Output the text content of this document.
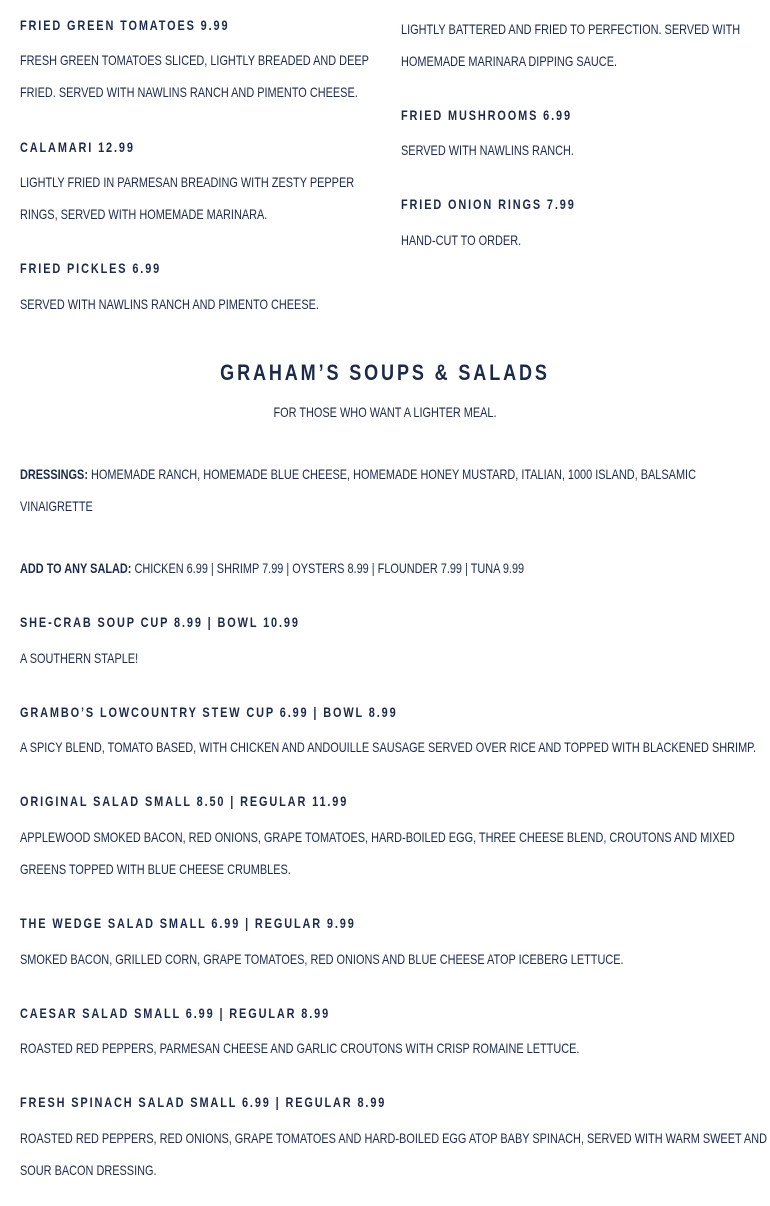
FRIED GREEN TOMATOES 9.99
FRESH GREEN TOMATOES SLICED, LIGHTLY BREADED AND DEEP
FRIED. SERVED WITH NAWLINS RANCH AND PIMENTO CHEESE.
CALAMARI 12.99
LIGHTLY FRIED IN PARMESAN BREADING WITH ZESTY PEPPER
RINGS, SERVED WITH HOMEMADE MARINARA.
FRIED PICKLES 6.99
SERVED WITH NAWLINS RANCH AND PIMENTO CHEESE.
LIGHTLY BATTERED AND FRIED TO PERFECTION. SERVED WITH
HOMEMADE MARINARA DIPPING SAUCE.
FRIED MUSHROOMS 6.99
SERVED WITH NAWLINS RANCH.
FRIED ONION RINGS 7.99
HAND-CUT TO ORDER.
GRAHAM’S SOUPS & SALADS
FOR THOSE WHO WANT A LIGHTER MEAL.
DRESSINGS: HOMEMADE RANCH, HOMEMADE BLUE CHEESE, HOMEMADE HONEY MUSTARD, ITALIAN, 1000 ISLAND, BALSAMIC
VINAIGRETTE
ADD TO ANY SALAD: CHICKEN 6.99 | SHRIMP 7.99 | OYSTERS 8.99 | FLOUNDER 7.99 | TUNA 9.99
SHE-CRAB SOUP CUP 8.99 | BOWL 10.99
A SOUTHERN STAPLE!
GRAMBO’S LOWCOUNTRY STEW CUP 6.99 | BOWL 8.99
A SPICY BLEND, TOMATO BASED, WITH CHICKEN AND ANDOUILLE SAUSAGE SERVED OVER RICE AND TOPPED WITH BLACKENED SHRIMP.
ORIGINAL SALAD SMALL 8.50 | REGULAR 11.99
APPLEWOOD SMOKED BACON, RED ONIONS, GRAPE TOMATOES, HARD-BOILED EGG, THREE CHEESE BLEND, CROUTONS AND MIXED
GREENS TOPPED WITH BLUE CHEESE CRUMBLES.
THE WEDGE SALAD SMALL 6.99 | REGULAR 9.99
SMOKED BACON, GRILLED CORN, GRAPE TOMATOES, RED ONIONS AND BLUE CHEESE ATOP ICEBERG LETTUCE.
CAESAR SALAD SMALL 6.99 | REGULAR 8.99
ROASTED RED PEPPERS, PARMESAN CHEESE AND GARLIC CROUTONS WITH CRISP ROMAINE LETTUCE.
FRESH SPINACH SALAD SMALL 6.99 | REGULAR 8.99
ROASTED RED PEPPERS, RED ONIONS, GRAPE TOMATOES AND HARD-BOILED EGG ATOP BABY SPINACH, SERVED WITH WARM SWEET AND
SOUR BACON DRESSING.
